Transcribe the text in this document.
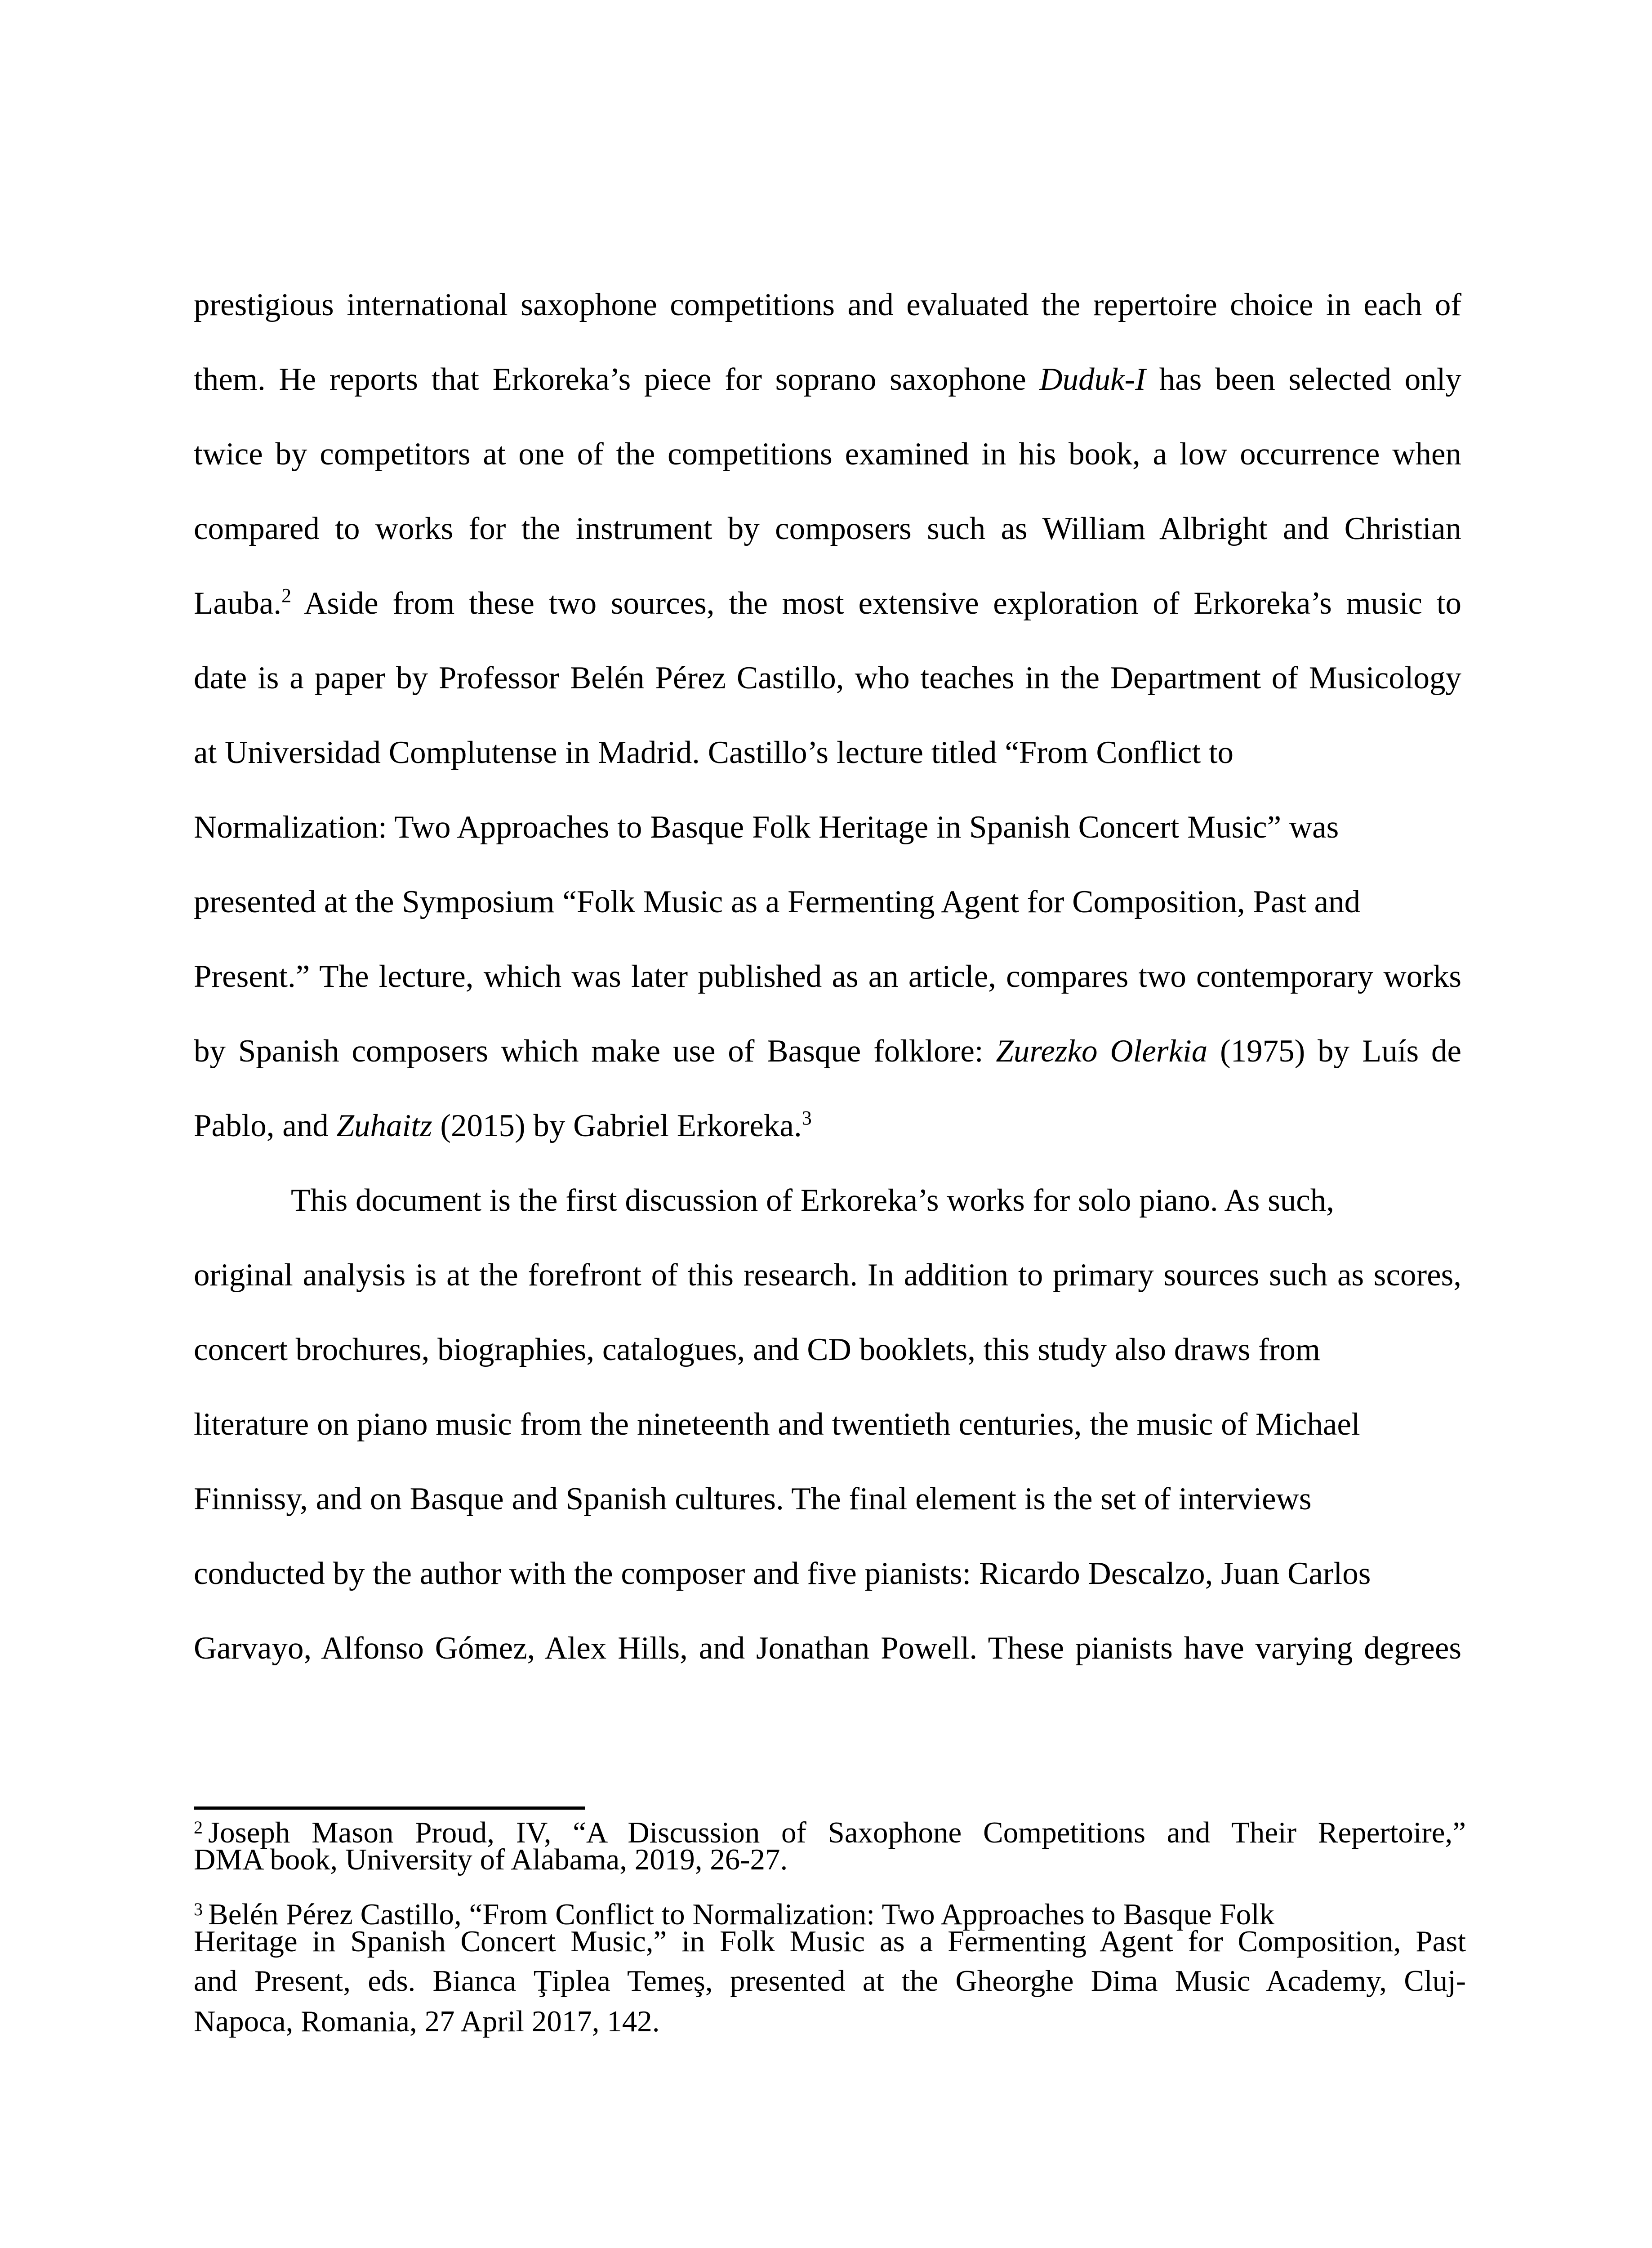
prestigious international saxophone competitions and evaluated the repertoire choice in each of
them. He reports that Erkoreka’s piece for soprano saxophone Duduk-I has been selected only
twice by competitors at one of the competitions examined in his book, a low occurrence when
compared to works for the instrument by composers such as William Albright and Christian
Lauba.$^2$ Aside from these two sources, the most extensive exploration of Erkoreka’s music to
date is a paper by Professor Belén Pérez Castillo, who teaches in the Department of Musicology
at Universidad Complutense in Madrid. Castillo’s lecture titled “From Conflict to
Normalization: Two Approaches to Basque Folk Heritage in Spanish Concert Music” was
presented at the Symposium “Folk Music as a Fermenting Agent for Composition, Past and
Present.” The lecture, which was later published as an article, compares two contemporary works
by Spanish composers which make use of Basque folklore: Zurezko Olerkia (1975) by Luís de
Pablo, and Zuhaitz (2015) by Gabriel Erkoreka.$^3$
This document is the first discussion of Erkoreka’s works for solo piano. As such,
original analysis is at the forefront of this research. In addition to primary sources such as scores,
concert brochures, biographies, catalogues, and CD booklets, this study also draws from
literature on piano music from the nineteenth and twentieth centuries, the music of Michael
Finnissy, and on Basque and Spanish cultures. The final element is the set of interviews
conducted by the author with the composer and five pianists: Ricardo Descalzo, Juan Carlos
Garvayo, Alfonso Gómez, Alex Hills, and Jonathan Powell. These pianists have varying degrees
$^2$ Joseph Mason Proud, IV, “A Discussion of Saxophone Competitions and Their Repertoire,”
DMA book, University of Alabama, 2019, 26-27.
$^3$ Belén Pérez Castillo, “From Conflict to Normalization: Two Approaches to Basque Folk
Heritage in Spanish Concert Music,” in Folk Music as a Fermenting Agent for Composition, Past
and Present, eds. Bianca Ţiplea Temeş, presented at the Gheorghe Dima Music Academy, Cluj-
Napoca, Romania, 27 April 2017, 142.
